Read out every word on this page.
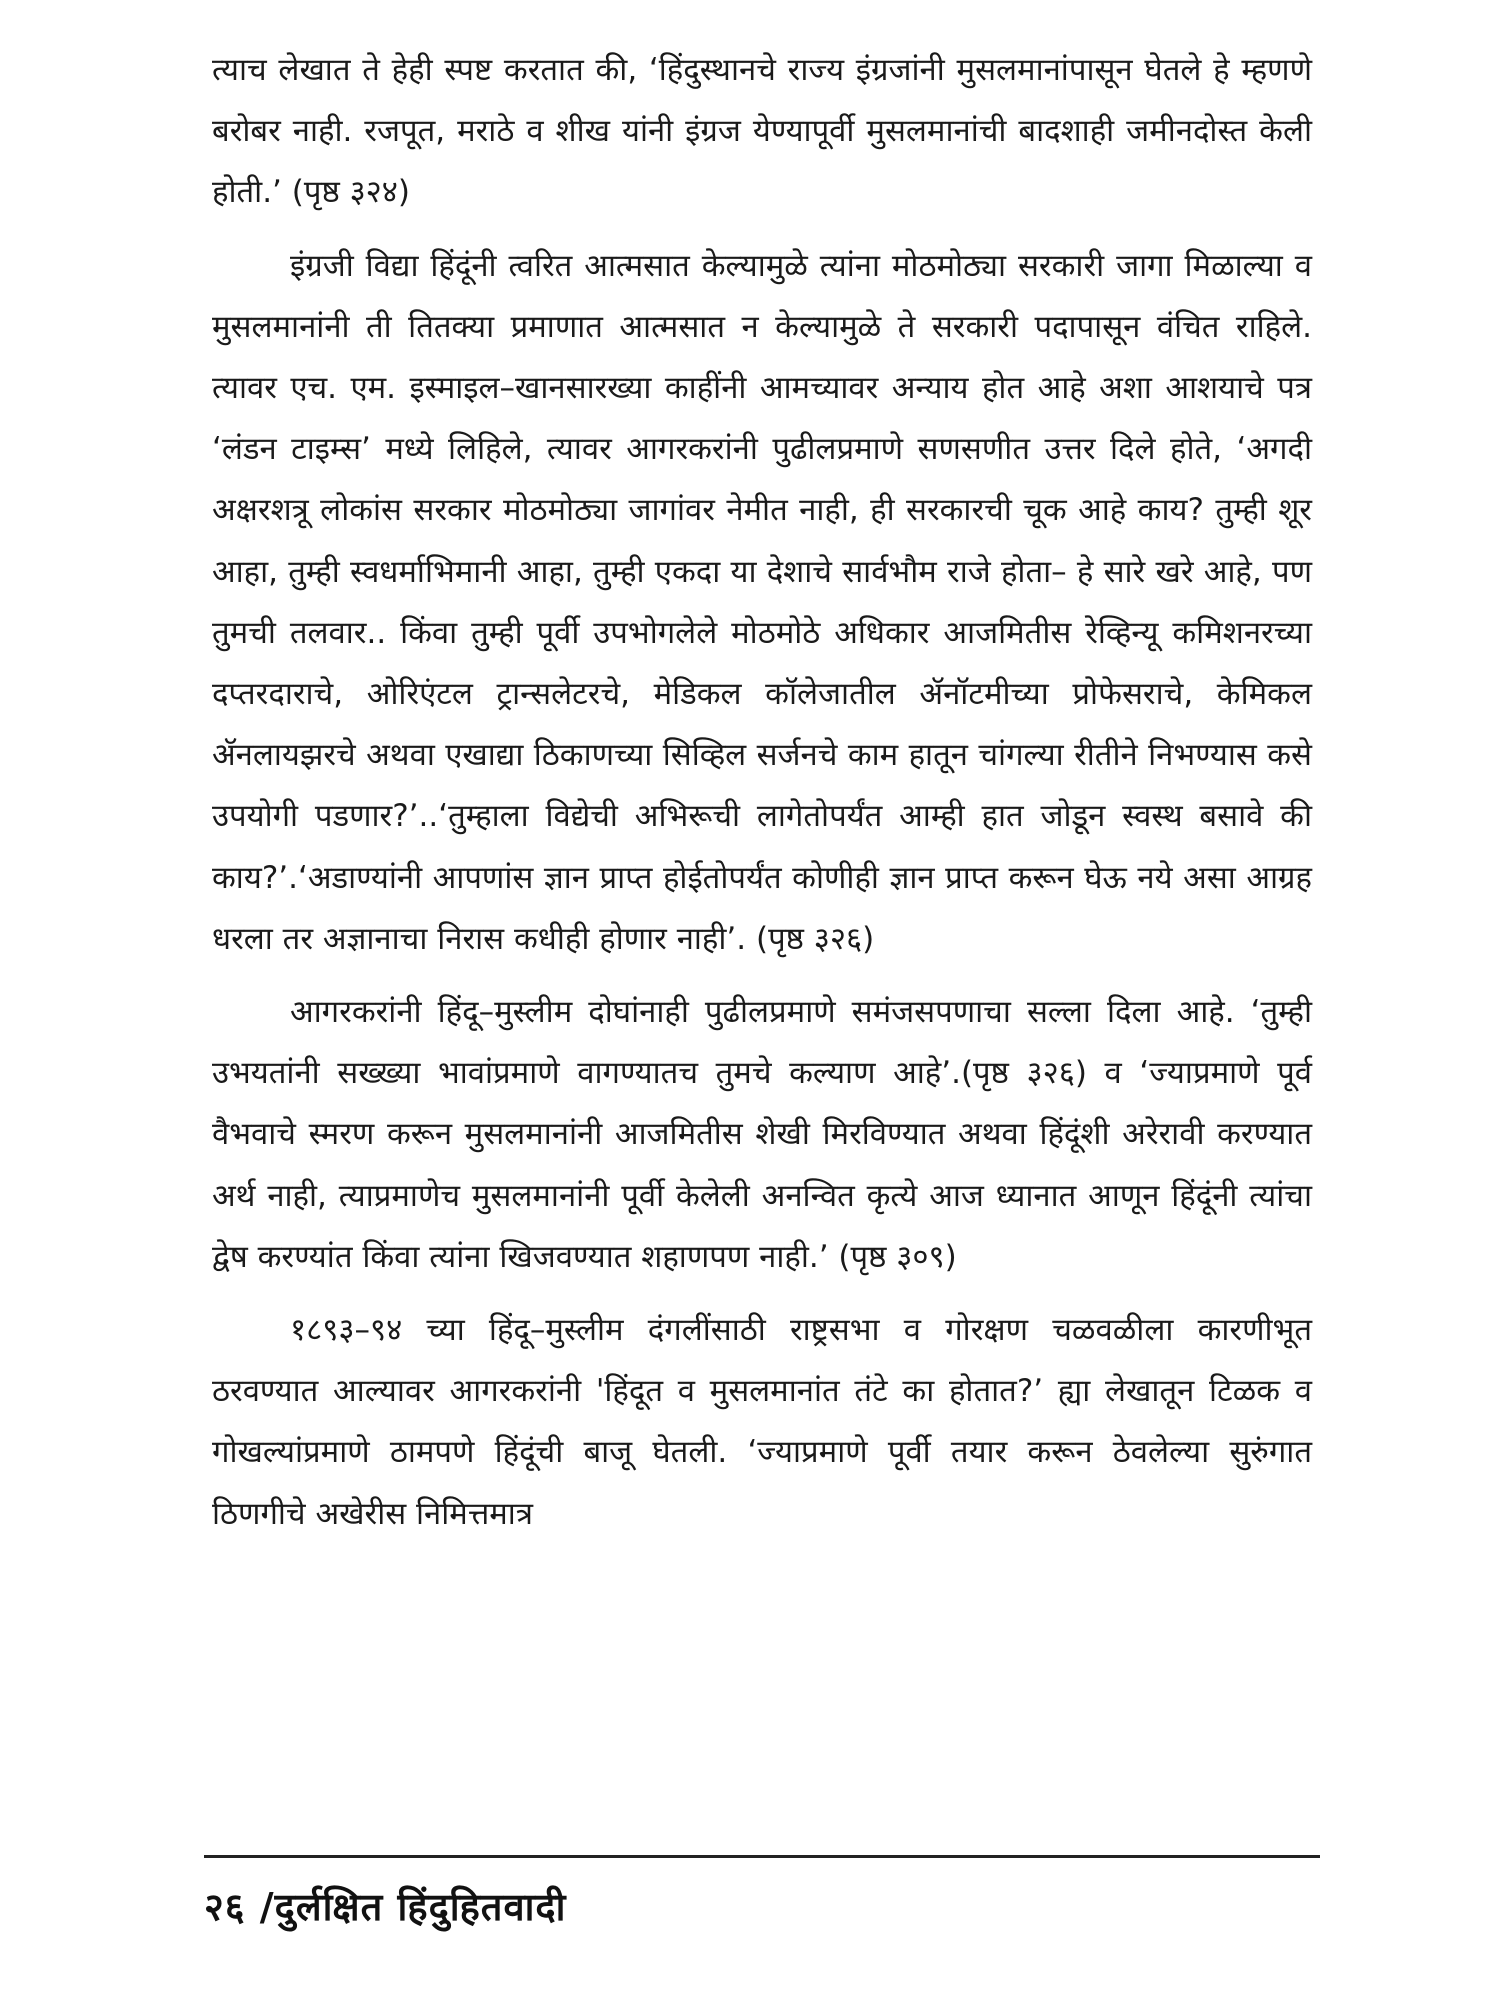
त्याच लेखात ते हेही स्पष्ट करतात की, ‘हिंदुस्थानचे राज्य इंग्रजांनी मुसलमानांपासून घेतले हे म्हणणे बरोबर नाही. रजपूत, मराठे व शीख यांनी इंग्रज येण्यापूर्वी मुसलमानांची बादशाही जमीनदोस्त केली होती.’ (पृष्ठ ३२४)

इंग्रजी विद्या हिंदूंनी त्वरित आत्मसात केल्यामुळे त्यांना मोठमोठ्या सरकारी जागा मिळाल्या व मुसलमानांनी ती तितक्या प्रमाणात आत्मसात न केल्यामुळे ते सरकारी पदापासून वंचित राहिले. त्यावर एच. एम. इस्माइल–खानसारख्या काहींनी आमच्यावर अन्याय होत आहे अशा आशयाचे पत्र ‘लंडन टाइम्स’ मध्ये लिहिले, त्यावर आगरकरांनी पुढीलप्रमाणे सणसणीत उत्तर दिले होते, ‘अगदी अक्षरशत्रू लोकांस सरकार मोठमोठ्या जागांवर नेमीत नाही, ही सरकारची चूक आहे काय? तुम्ही शूर आहा, तुम्ही स्वधर्माभिमानी आहा, तुम्ही एकदा या देशाचे सार्वभौम राजे होता– हे सारे खरे आहे, पण तुमची तलवार.. किंवा तुम्ही पूर्वी उपभोगलेले मोठमोठे अधिकार आजमितीस रेव्हिन्यू कमिशनरच्या दप्तरदाराचे, ओरिएंटल ट्रान्सलेटरचे, मेडिकल कॉलेजातील ॲनॉटमीच्या प्रोफेसराचे, केमिकल ॲनलायझरचे अथवा एखाद्या ठिकाणच्या सिव्हिल सर्जनचे काम हातून चांगल्या रीतीने निभण्यास कसे उपयोगी पडणार?’..‘तुम्हाला विद्येची अभिरूची लागेतोपर्यंत आम्ही हात जोडून स्वस्थ बसावे की काय?’.‘अडाण्यांनी आपणांस ज्ञान प्राप्त होईतोपर्यंत कोणीही ज्ञान प्राप्त करून घेऊ नये असा आग्रह धरला तर अज्ञानाचा निरास कधीही होणार नाही’. (पृष्ठ ३२६)

आगरकरांनी हिंदू–मुस्लीम दोघांनाही पुढीलप्रमाणे समंजसपणाचा सल्ला दिला आहे. ‘तुम्ही उभयतांनी सख्ख्या भावांप्रमाणे वागण्यातच तुमचे कल्याण आहे’.(पृष्ठ ३२६) व ‘ज्याप्रमाणे पूर्व वैभवाचे स्मरण करून मुसलमानांनी आजमितीस शेखी मिरविण्यात अथवा हिंदूंशी अरेरावी करण्यात अर्थ नाही, त्याप्रमाणेच मुसलमानांनी पूर्वी केलेली अनन्वित कृत्ये आज ध्यानात आणून हिंदूंनी त्यांचा द्वेष करण्यांत किंवा त्यांना खिजवण्यात शहाणपण नाही.’ (पृष्ठ ३०९)

१८९३–९४ च्या हिंदू–मुस्लीम दंगलींसाठी राष्ट्रसभा व गोरक्षण चळवळीला कारणीभूत ठरवण्यात आल्यावर आगरकरांनी 'हिंदूत व मुसलमानांत तंटे का होतात?’ ह्या लेखातून टिळक व गोखल्यांप्रमाणे ठामपणे हिंदूंची बाजू घेतली. ‘ज्याप्रमाणे पूर्वी तयार करून ठेवलेल्या सुरुंगात ठिणगीचे अखेरीस निमित्तमात्र

२६ /दुर्लक्षित हिंदुहितवादी
